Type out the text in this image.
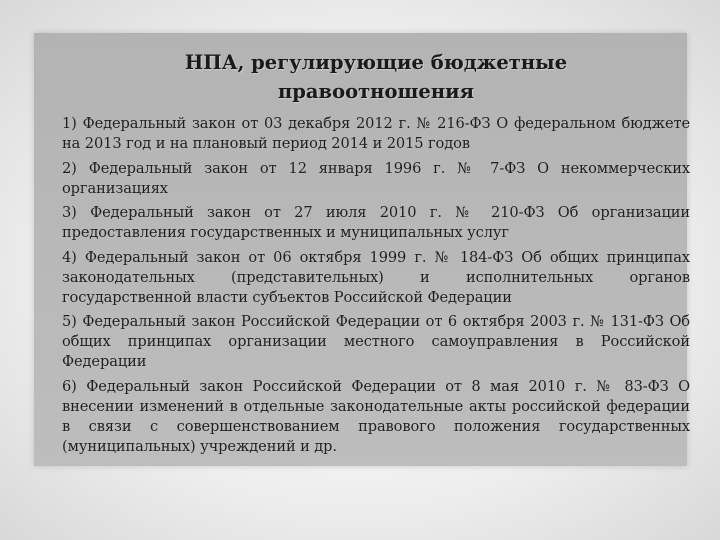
НПА, регулирующие бюджетные
правоотношения
1) Федеральный закон от 03 декабря 2012 г. № 216-ФЗ О федеральном бюджете на 2013 год и на плановый период 2014 и 2015 годов
2) Федеральный закон от 12 января 1996 г. № 7-ФЗ О некоммерческих организациях
3) Федеральный закон от 27 июля 2010 г. № 210-ФЗ Об организации предоставления государственных и муниципальных услуг
4) Федеральный закон от 06 октября 1999 г. № 184-ФЗ Об общих принципах законодательных (представительных) и исполнительных органов государственной власти субъектов Российской Федерации
5) Федеральный закон Российской Федерации от 6 октября 2003 г. № 131-ФЗ Об общих принципах организации местного самоуправления в Российской Федерации
6) Федеральный закон Российской Федерации от 8 мая 2010 г. № 83-ФЗ О внесении изменений в отдельные законодательные акты российской федерации в связи с совершенствованием правового положения государственных (муниципальных) учреждений и др.
